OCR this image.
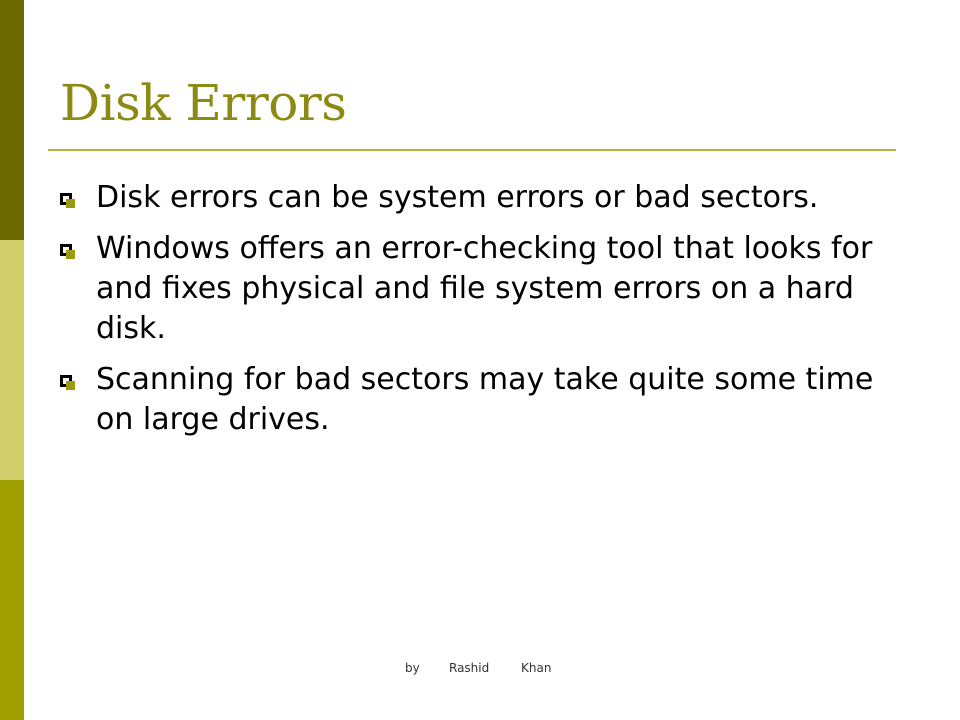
Disk Errors
Disk errors can be system errors or bad sectors.
Windows offers an error-checking tool that looks for and fixes physical and file system errors on a hard disk.
Scanning for bad sectors may take quite some time on large drives.
by Rashid	Khan
